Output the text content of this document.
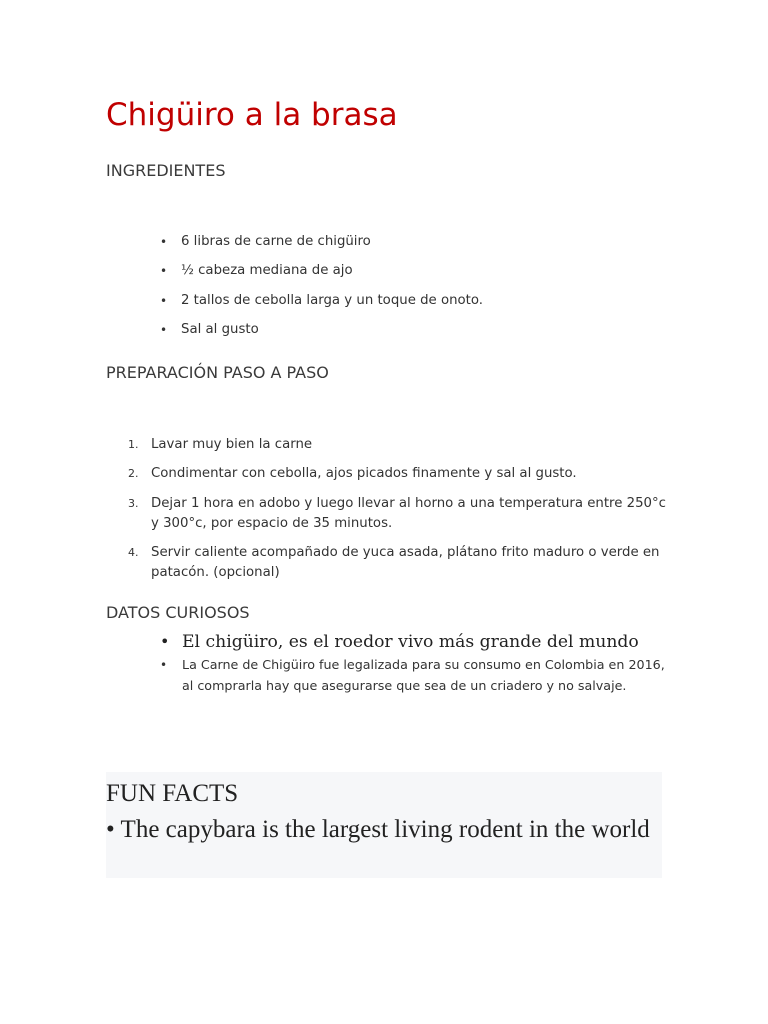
Chigüiro a la brasa
INGREDIENTES
• 6 libras de carne de chigüiro
• ½ cabeza mediana de ajo
• 2 tallos de cebolla larga y un toque de onoto.
• Sal al gusto
PREPARACIÓN PASO A PASO
1. Lavar muy bien la carne
2. Condimentar con cebolla, ajos picados finamente y sal al gusto.
3. Dejar 1 hora en adobo y luego llevar al horno a una temperatura entre 250°c y 300°c, por espacio de 35 minutos.
4. Servir caliente acompañado de yuca asada, plátano frito maduro o verde en patacón. (opcional)
DATOS CURIOSOS
• El chigüiro, es el roedor vivo más grande del mundo
• La Carne de Chigüiro fue legalizada para su consumo en Colombia en 2016, al comprarla hay que asegurarse que sea de un criadero y no salvaje.

FUN FACTS

• The capybara is the largest living rodent in the world
